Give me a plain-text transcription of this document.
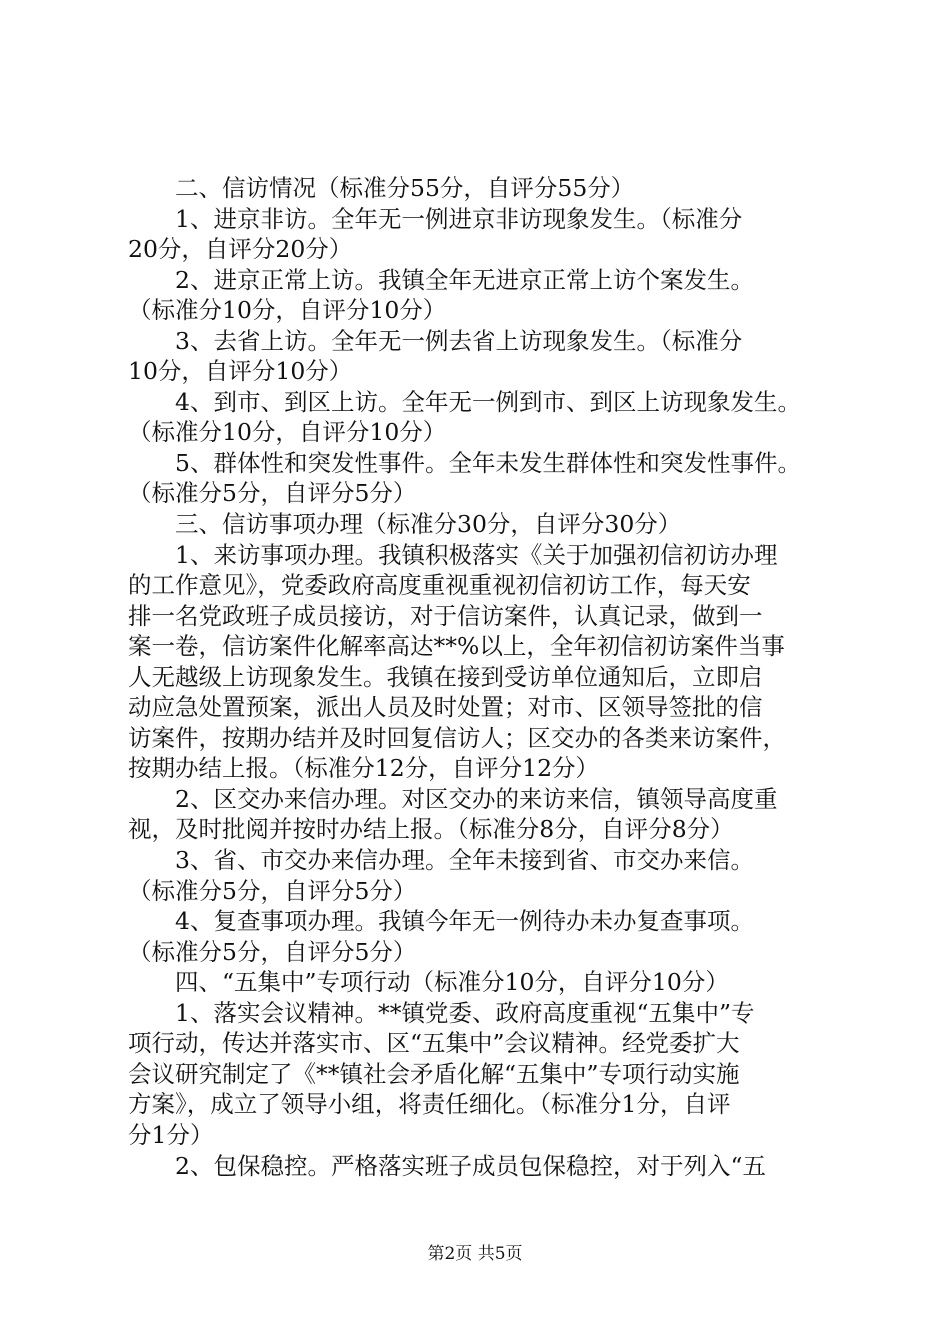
　　二、信访情况（标准分55分，自评分55分）
　　1、进京非访。全年无一例进京非访现象发生。（标准分
20分，自评分20分）
　　2、进京正常上访。我镇全年无进京正常上访个案发生。
（标准分10分，自评分10分）
　　3、去省上访。全年无一例去省上访现象发生。（标准分
10分，自评分10分）
　　4、到市、到区上访。全年无一例到市、到区上访现象发生。
（标准分10分，自评分10分）
　　5、群体性和突发性事件。全年未发生群体性和突发性事件。
（标准分5分，自评分5分）
　　三、信访事项办理（标准分30分，自评分30分）
　　1、来访事项办理。我镇积极落实《关于加强初信初访办理
的工作意见》，党委政府高度重视重视初信初访工作，每天安
排一名党政班子成员接访，对于信访案件，认真记录，做到一
案一卷，信访案件化解率高达**%以上，全年初信初访案件当事
人无越级上访现象发生。我镇在接到受访单位通知后，立即启
动应急处置预案，派出人员及时处置；对市、区领导签批的信
访案件，按期办结并及时回复信访人；区交办的各类来访案件，
按期办结上报。（标准分12分，自评分12分）
　　2、区交办来信办理。对区交办的来访来信，镇领导高度重
视，及时批阅并按时办结上报。（标准分8分，自评分8分）
　　3、省、市交办来信办理。全年未接到省、市交办来信。
（标准分5分，自评分5分）
　　4、复查事项办理。我镇今年无一例待办未办复查事项。
（标准分5分，自评分5分）
　　四、“五集中”专项行动（标准分10分，自评分10分）
　　1、落实会议精神。**镇党委、政府高度重视“五集中”专
项行动，传达并落实市、区“五集中”会议精神。经党委扩大
会议研究制定了《**镇社会矛盾化解“五集中”专项行动实施
方案》，成立了领导小组，将责任细化。（标准分1分，自评
分1分）
　　2、包保稳控。严格落实班子成员包保稳控，对于列入“五
第2页 共5页
